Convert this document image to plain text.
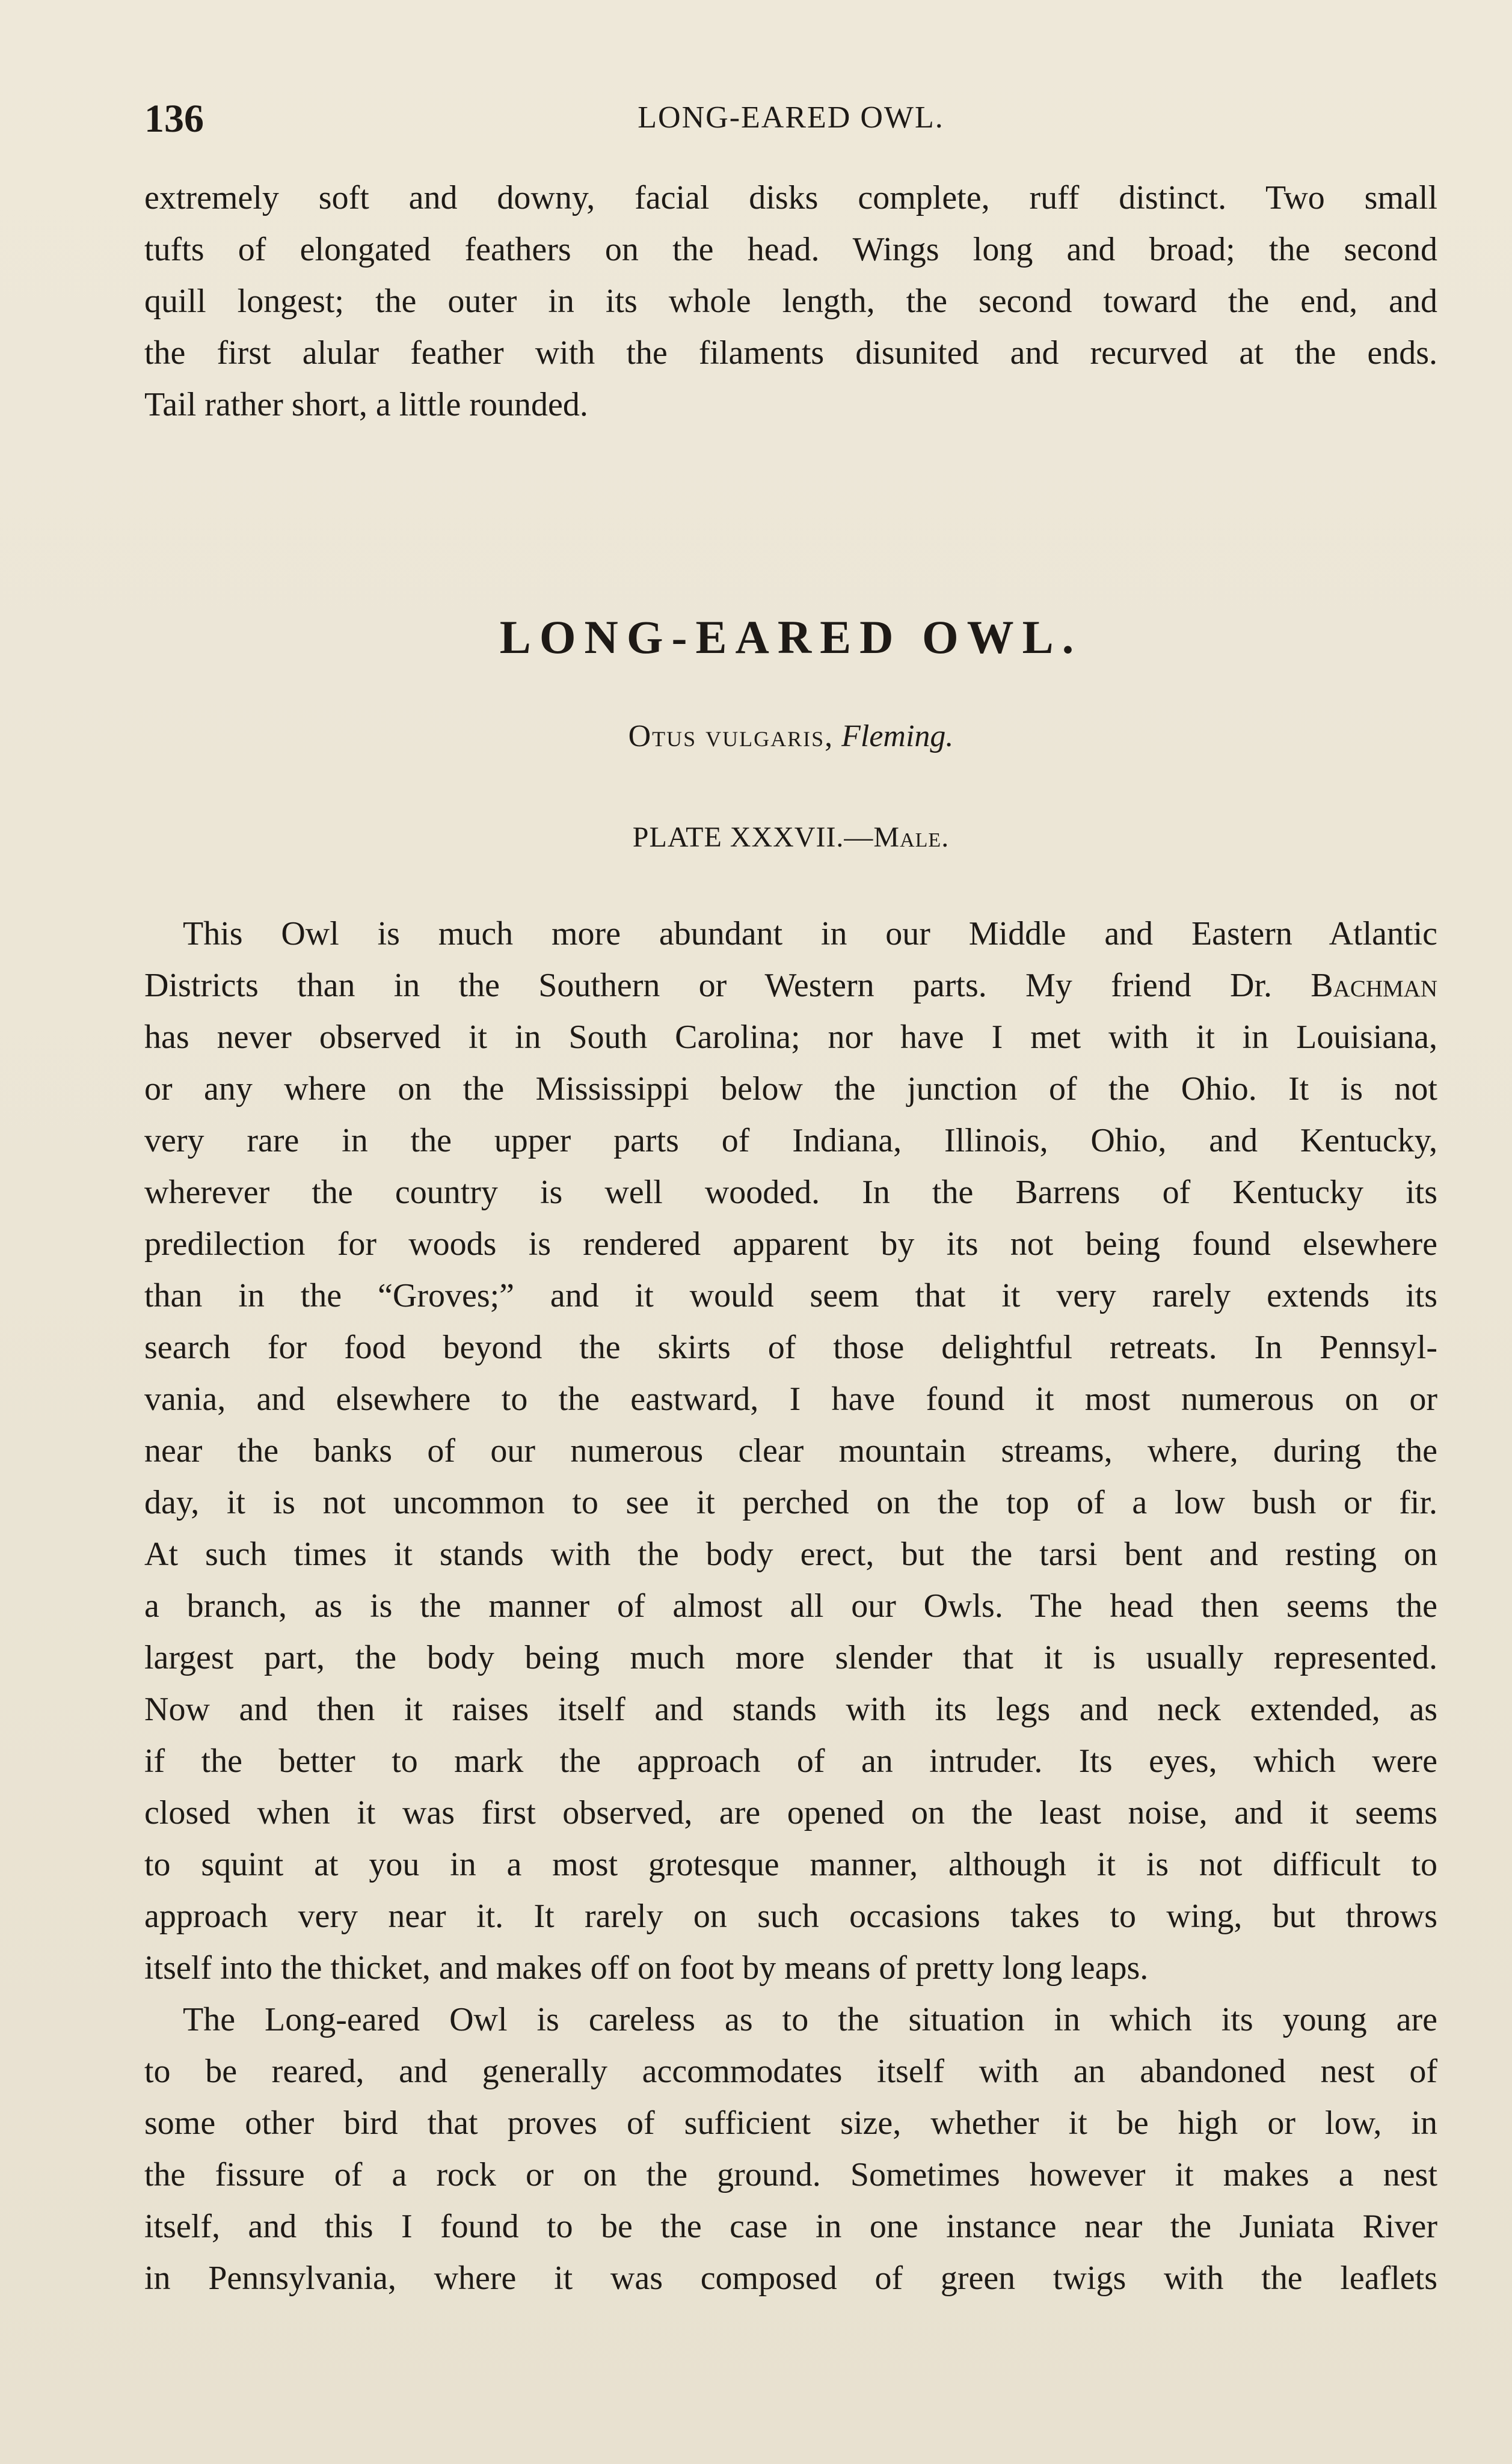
136	LONG-EARED OWL.
extremely soft and downy, facial disks complete, ruff distinct. Two small
tufts of elongated feathers on the head. Wings long and broad; the second
quill longest; the outer in its whole length, the second toward the end, and
the first alular feather with the filaments disunited and recurved at the ends.
Tail rather short, a little rounded.
LONG-EARED OWL.
Otus vulgaris, Fleming.
PLATE XXXVII.—Male.
This Owl is much more abundant in our Middle and Eastern Atlantic
Districts than in the Southern or Western parts. My friend Dr. Bachman
has never observed it in South Carolina; nor have I met with it in Louisiana,
or any where on the Mississippi below the junction of the Ohio. It is not
very rare in the upper parts of Indiana, Illinois, Ohio, and Kentucky,
wherever the country is well wooded. In the Barrens of Kentucky its
predilection for woods is rendered apparent by its not being found elsewhere
than in the “Groves;” and it would seem that it very rarely extends its
search for food beyond the skirts of those delightful retreats. In Pennsyl-
vania, and elsewhere to the eastward, I have found it most numerous on or
near the banks of our numerous clear mountain streams, where, during the
day, it is not uncommon to see it perched on the top of a low bush or fir.
At such times it stands with the body erect, but the tarsi bent and resting on
a branch, as is the manner of almost all our Owls. The head then seems the
largest part, the body being much more slender that it is usually represented.
Now and then it raises itself and stands with its legs and neck extended, as
if the better to mark the approach of an intruder. Its eyes, which were
closed when it was first observed, are opened on the least noise, and it seems
to squint at you in a most grotesque manner, although it is not difficult to
approach very near it. It rarely on such occasions takes to wing, but throws
itself into the thicket, and makes off on foot by means of pretty long leaps.
The Long-eared Owl is careless as to the situation in which its young are
to be reared, and generally accommodates itself with an abandoned nest of
some other bird that proves of sufficient size, whether it be high or low, in
the fissure of a rock or on the ground. Sometimes however it makes a nest
itself, and this I found to be the case in one instance near the Juniata River
in Pennsylvania, where it was composed of green twigs with the leaflets
